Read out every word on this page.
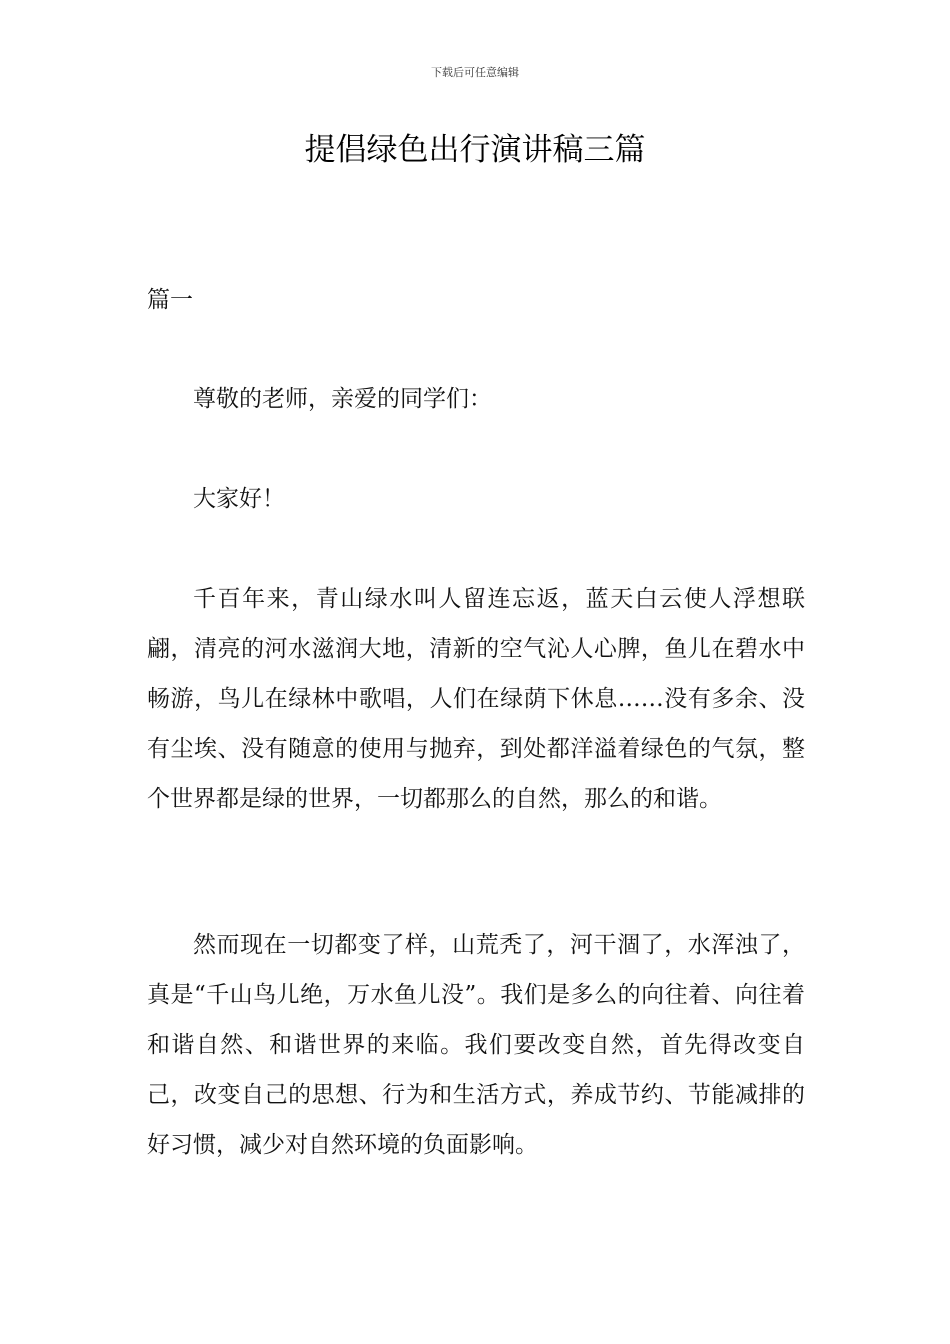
下载后可任意编辑
提倡绿色出行演讲稿三篇

篇一

尊敬的老师，亲爱的同学们：

大家好！

千百年来，青山绿水叫人留连忘返，蓝天白云使人浮想联翩，清亮的河水滋润大地，清新的空气沁人心脾，鱼儿在碧水中畅游，鸟儿在绿林中歌唱，人们在绿荫下休息……没有多余、没有尘埃、没有随意的使用与抛弃，到处都洋溢着绿色的气氛，整个世界都是绿的世界，一切都那么的自然，那么的和谐。

然而现在一切都变了样，山荒秃了，河干涸了，水浑浊了，真是“千山鸟儿绝，万水鱼儿没”。我们是多么的向往着、向往着和谐自然、和谐世界的来临。我们要改变自然，首先得改变自己，改变自己的思想、行为和生活方式，养成节约、节能减排的好习惯，减少对自然环境的负面影响。
